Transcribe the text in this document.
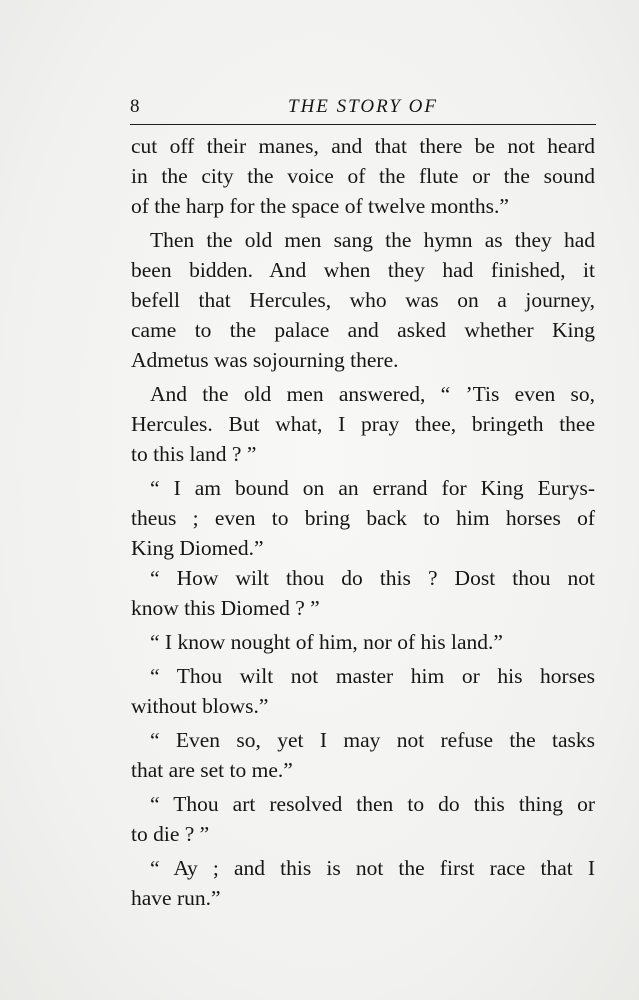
8	THE STORY OF
cut off their manes, and that there be not heard
in the city the voice of the flute or the sound
of the harp for the space of twelve months.”
Then the old men sang the hymn as they had
been bidden. And when they had finished, it
befell that Hercules, who was on a journey,
came to the palace and asked whether King
Admetus was sojourning there.
And the old men answered, “ ’Tis even so,
Hercules. But what, I pray thee, bringeth thee
to this land ? ”
“ I am bound on an errand for King Eurys-
theus ; even to bring back to him horses of
King Diomed.”
“ How wilt thou do this ? Dost thou not
know this Diomed ? ”
“ I know nought of him, nor of his land.”
“ Thou wilt not master him or his horses
without blows.”
“ Even so, yet I may not refuse the tasks
that are set to me.”
“ Thou art resolved then to do this thing or
to die ? ”
“ Ay ; and this is not the first race that I
have run.”
